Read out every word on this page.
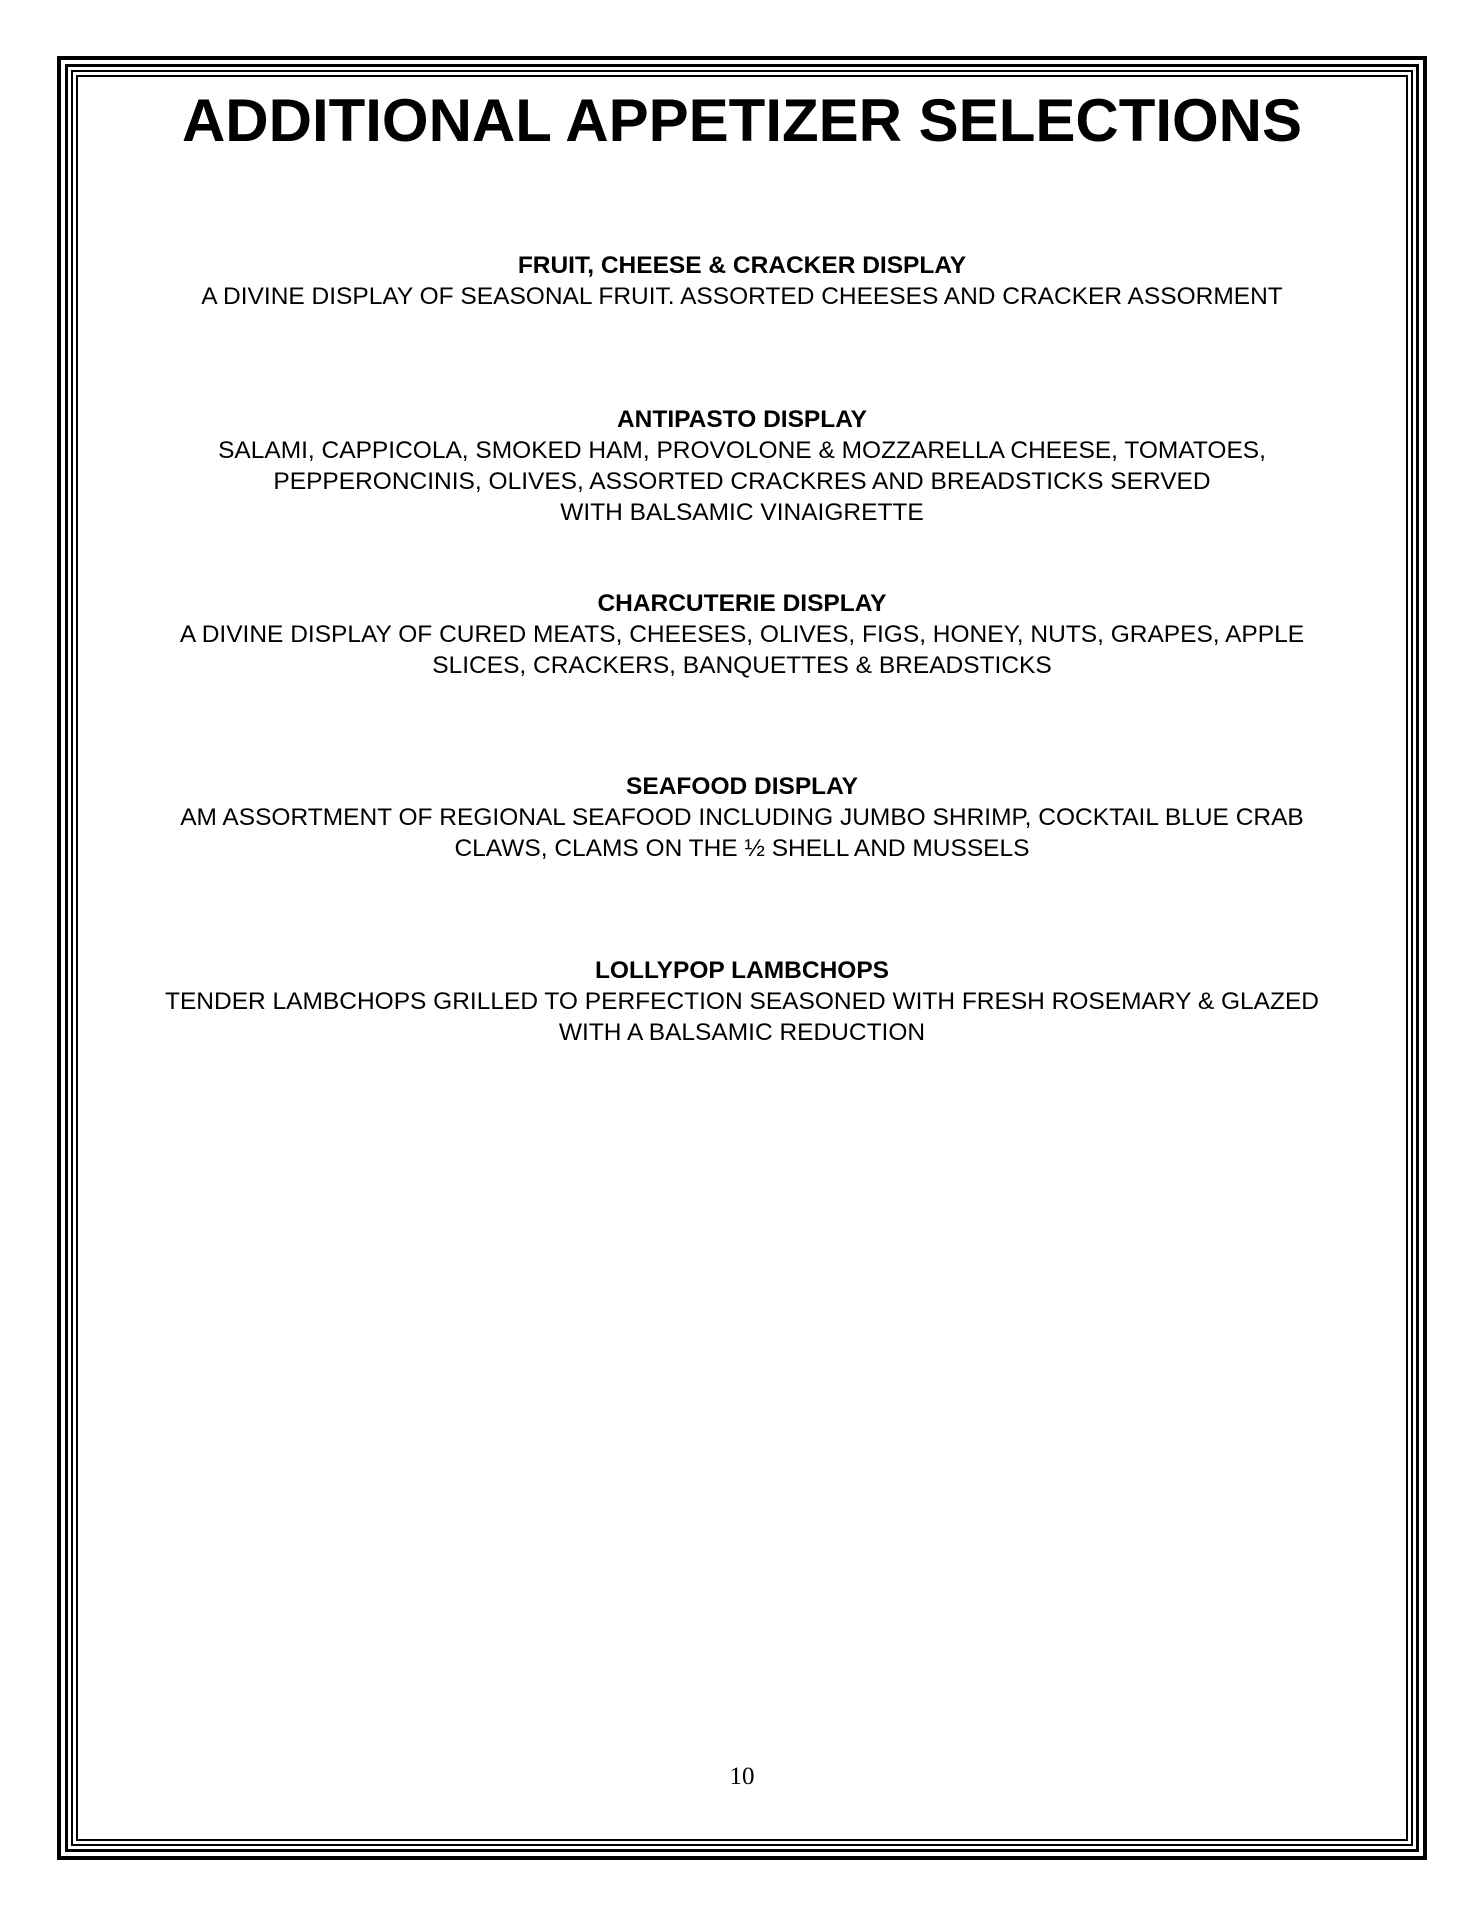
ADDITIONAL APPETIZER SELECTIONS
FRUIT, CHEESE & CRACKER DISPLAY
A DIVINE DISPLAY OF SEASONAL FRUIT. ASSORTED CHEESES AND CRACKER ASSORMENT
ANTIPASTO DISPLAY
SALAMI, CAPPICOLA, SMOKED HAM, PROVOLONE & MOZZARELLA CHEESE, TOMATOES,
PEPPERONCINIS, OLIVES, ASSORTED CRACKRES AND BREADSTICKS SERVED
WITH BALSAMIC VINAIGRETTE
CHARCUTERIE DISPLAY
A DIVINE DISPLAY OF CURED MEATS, CHEESES, OLIVES, FIGS, HONEY, NUTS, GRAPES, APPLE
SLICES, CRACKERS, BANQUETTES & BREADSTICKS
SEAFOOD DISPLAY
AM ASSORTMENT OF REGIONAL SEAFOOD INCLUDING JUMBO SHRIMP, COCKTAIL BLUE CRAB
CLAWS, CLAMS ON THE ½ SHELL AND MUSSELS
LOLLYPOP LAMBCHOPS
TENDER LAMBCHOPS GRILLED TO PERFECTION SEASONED WITH FRESH ROSEMARY & GLAZED
WITH A BALSAMIC REDUCTION
10
